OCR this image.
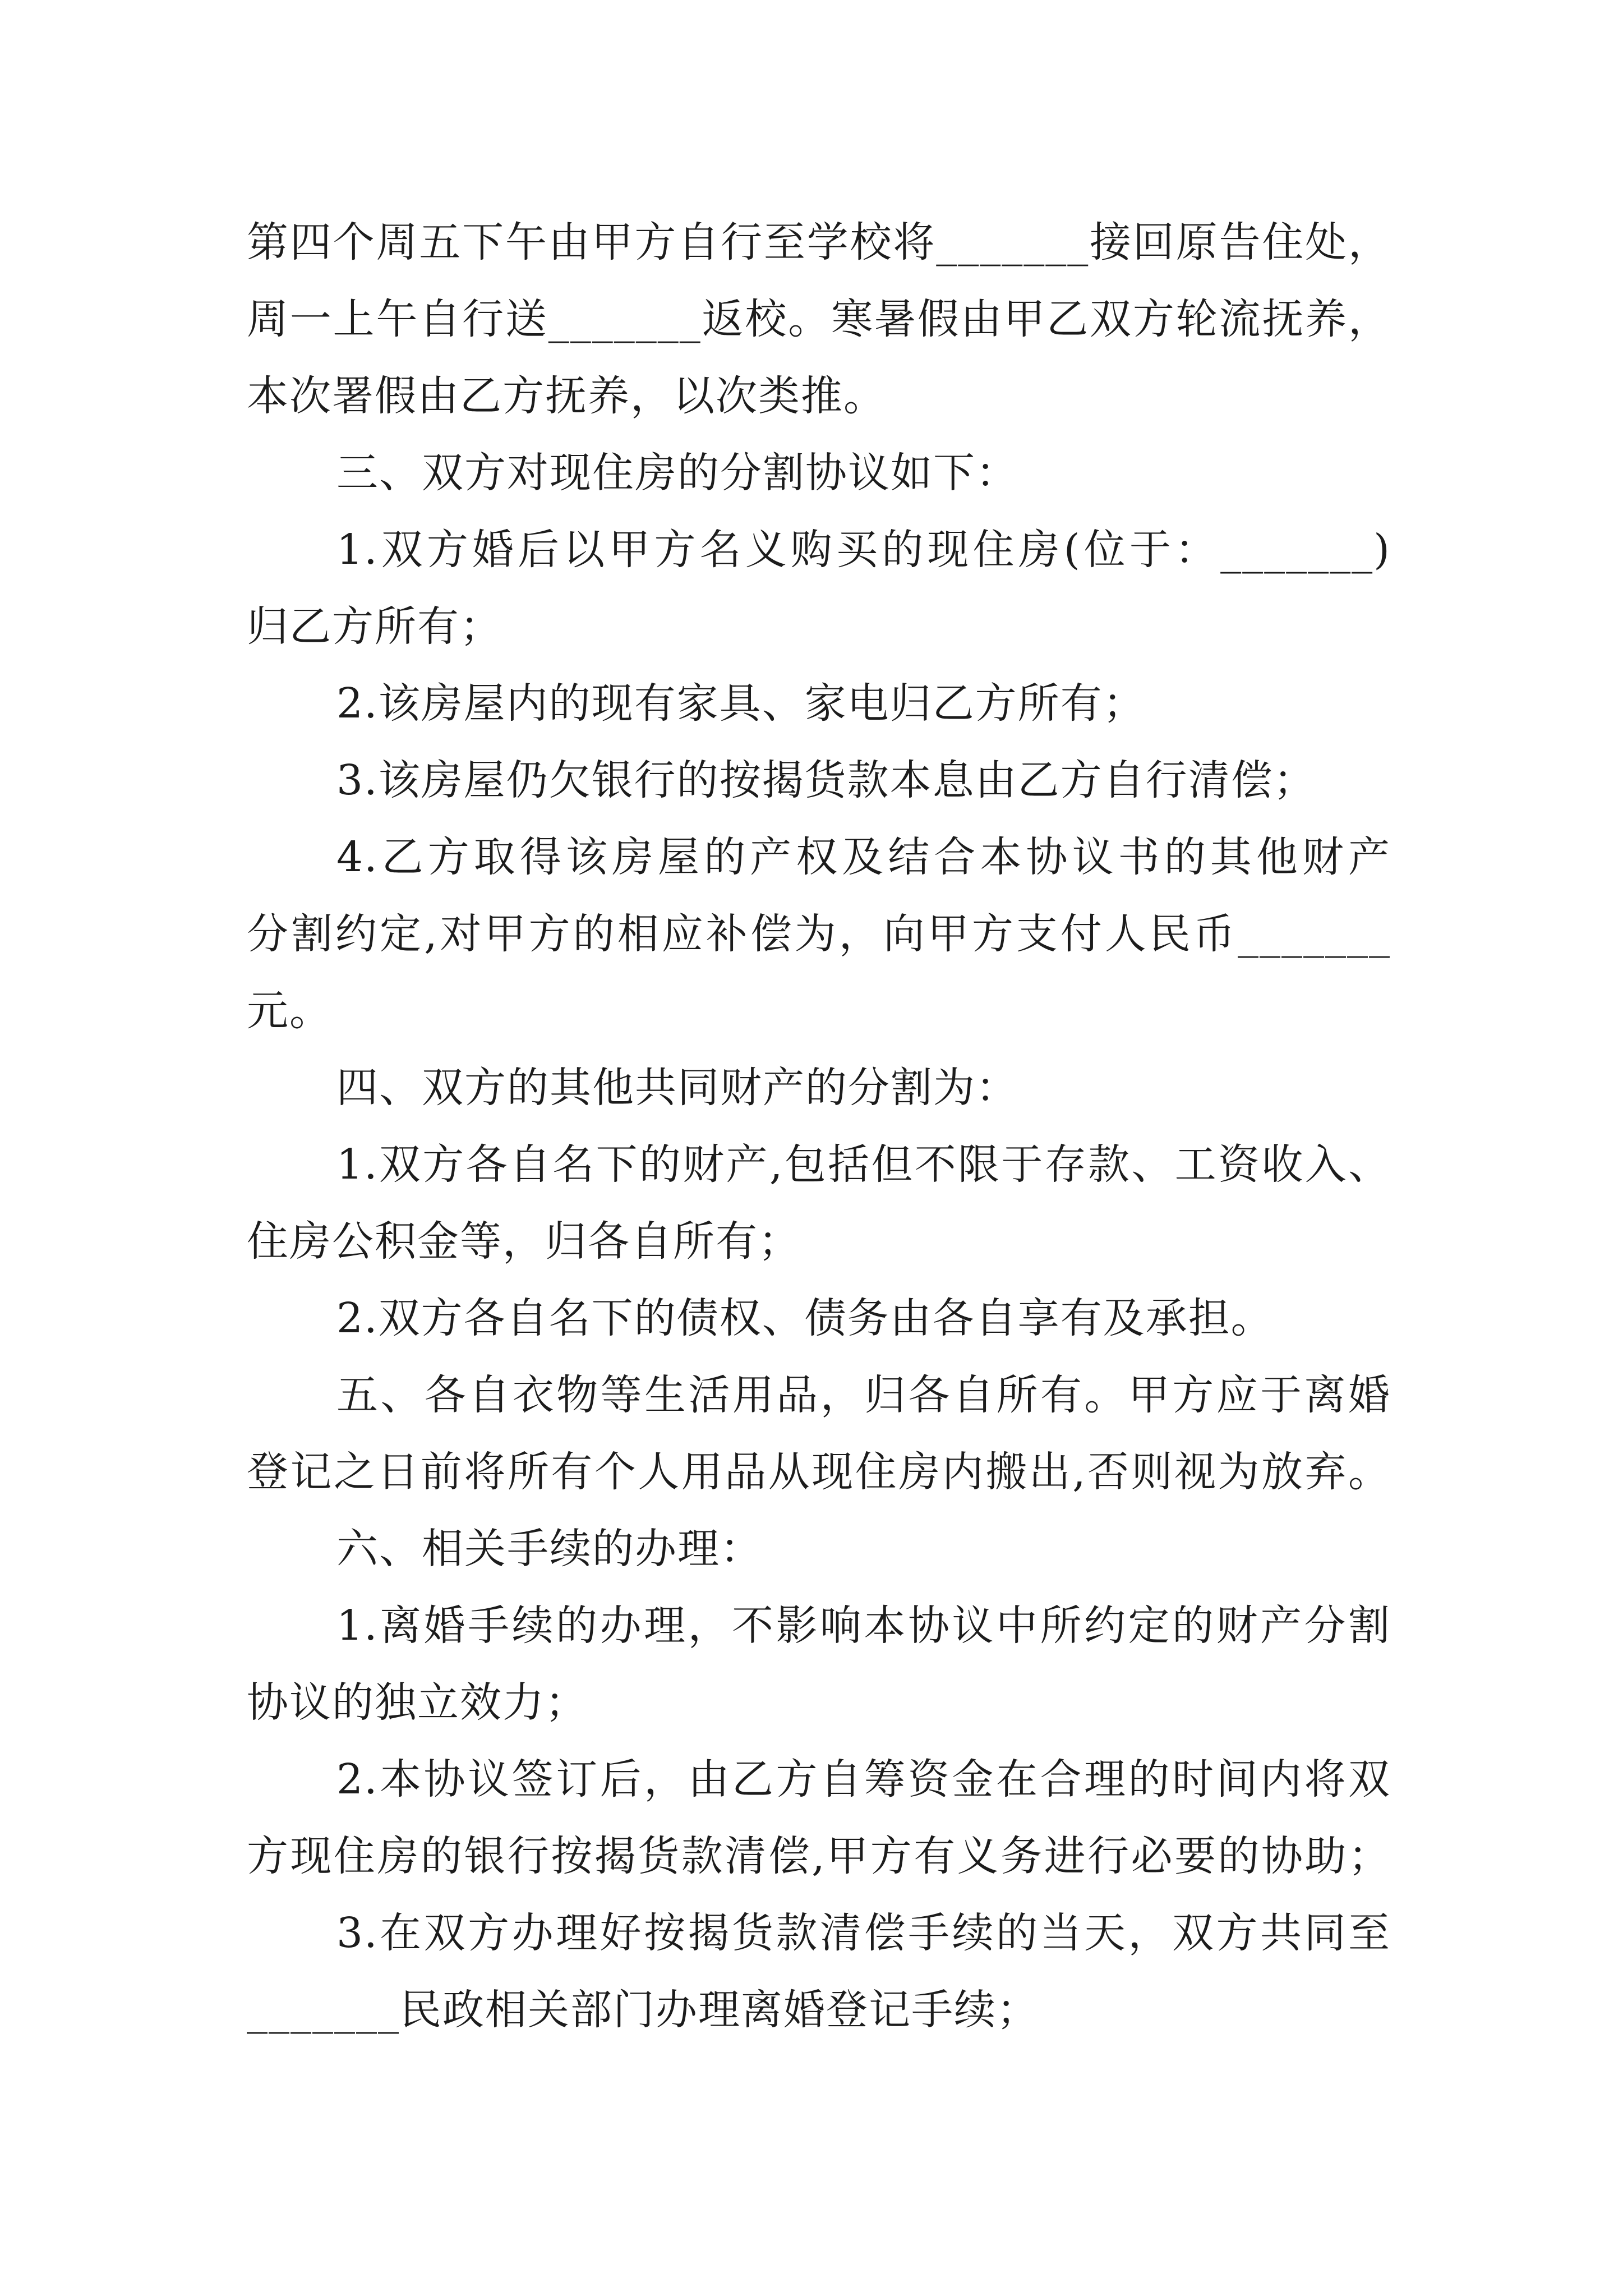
第四个周五下午由甲方自行至学校将_______接回原告住处，
周一上午自行送_______返校。寒暑假由甲乙双方轮流抚养，
本次署假由乙方抚养，以次类推。
三、双方对现住房的分割协议如下：
1.双方婚后以甲方名义购买的现住房(位于：_______)
归乙方所有；
2.该房屋内的现有家具、家电归乙方所有；
3.该房屋仍欠银行的按揭货款本息由乙方自行清偿；
4.乙方取得该房屋的产权及结合本协议书的其他财产
分割约定,对甲方的相应补偿为，向甲方支付人民币_______
元。
四、双方的其他共同财产的分割为：
1.双方各自名下的财产,包括但不限于存款、工资收入、
住房公积金等，归各自所有；
2.双方各自名下的债权、债务由各自享有及承担。
五、各自衣物等生活用品，归各自所有。甲方应于离婚
登记之日前将所有个人用品从现住房内搬出,否则视为放弃。
六、相关手续的办理：
1.离婚手续的办理，不影响本协议中所约定的财产分割
协议的独立效力；
2.本协议签订后，由乙方自筹资金在合理的时间内将双
方现住房的银行按揭货款清偿,甲方有义务进行必要的协助；
3.在双方办理好按揭货款清偿手续的当天，双方共同至
_______民政相关部门办理离婚登记手续；
